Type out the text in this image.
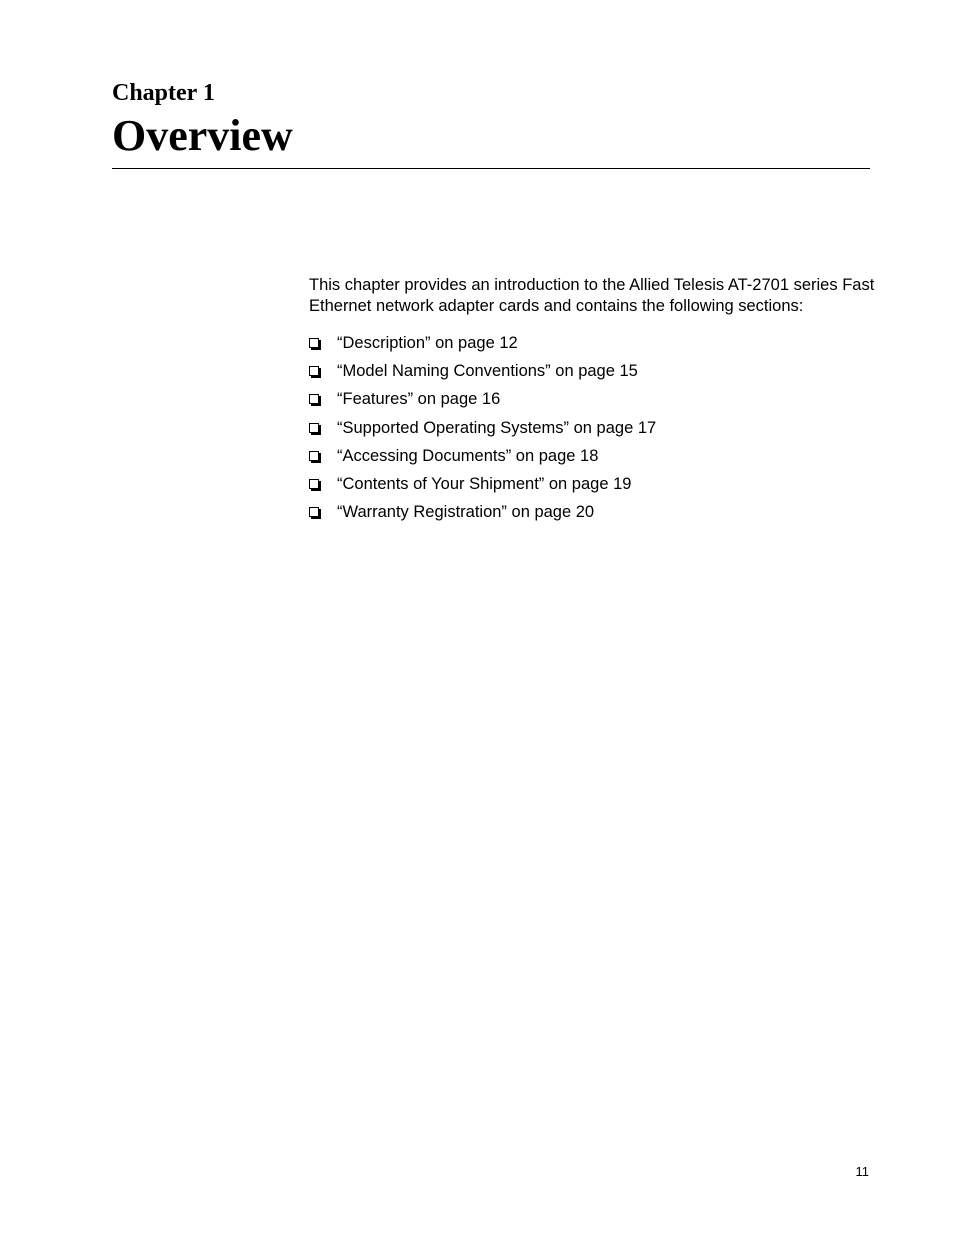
Chapter 1
Overview

This chapter provides an introduction to the Allied Telesis AT-2701 series Fast Ethernet network adapter cards and contains the following sections:

“Description” on page 12
“Model Naming Conventions” on page 15
“Features” on page 16
“Supported Operating Systems” on page 17
“Accessing Documents” on page 18
“Contents of Your Shipment” on page 19
“Warranty Registration” on page 20
11
